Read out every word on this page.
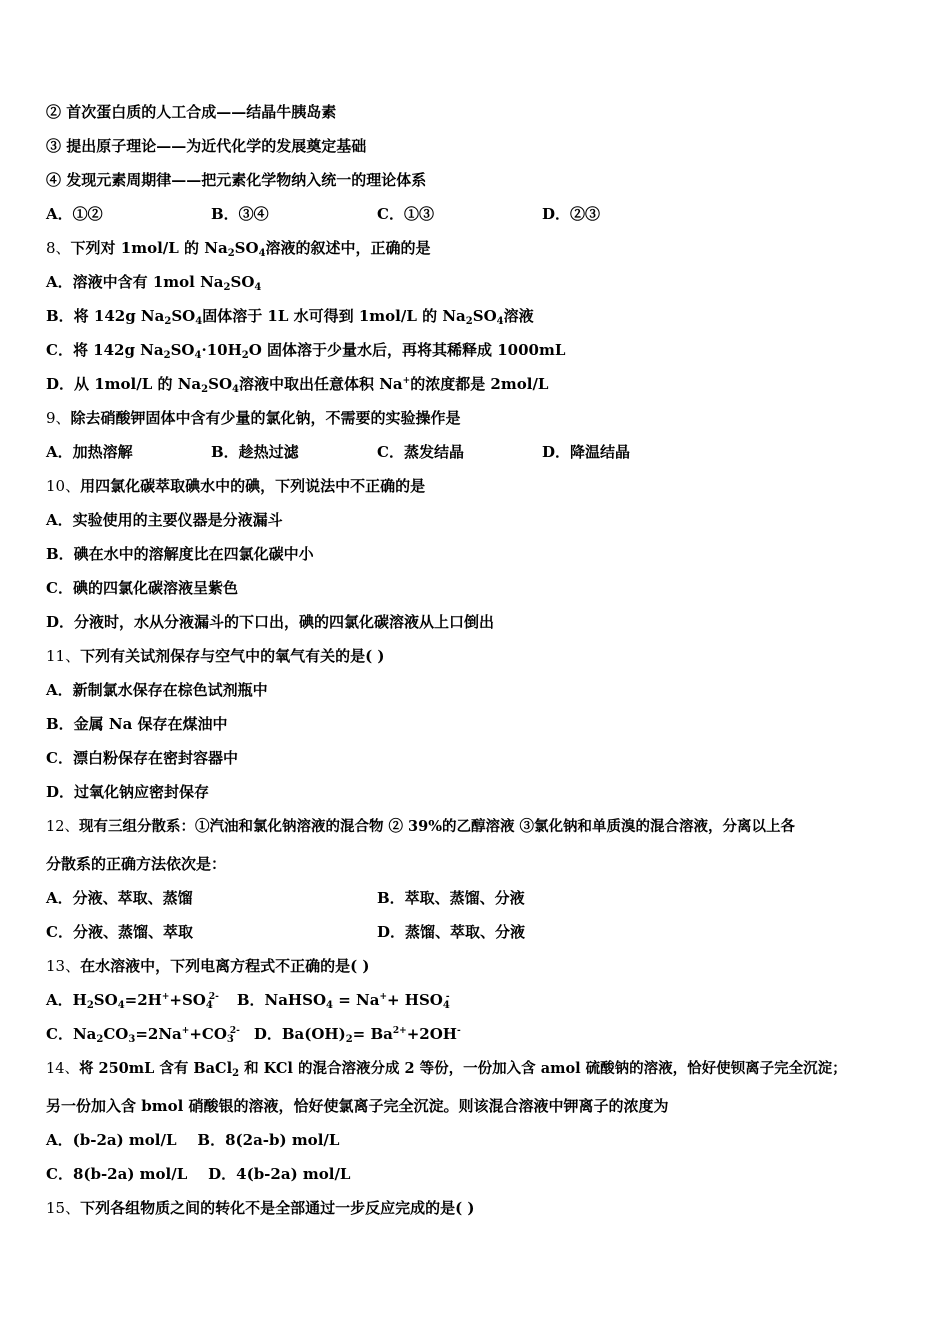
② 首次蛋白质的人工合成——结晶牛胰岛素
③ 提出原子理论——为近代化学的发展奠定基础
④ 发现元素周期律——把元素化学物纳入统一的理论体系
A．①②	B．③④	C．①③	D．②③
8、下列对 1mol/L 的 $Na_2SO_4$溶液的叙述中，正确的是
A．溶液中含有 1mol $Na_2SO_4$
B．将 142g $Na_2SO_4$固体溶于 1L 水可得到 1mol/L 的 $Na_2SO_4$溶液
C．将 142g $Na_2SO_4\cdot 10H_2O$ 固体溶于少量水后，再将其稀释成 1000mL
D．从 1mol/L 的 $Na_2SO_4$溶液中取出任意体积 Na+的浓度都是 2mol/L
9、除去硝酸钾固体中含有少量的氯化钠，不需要的实验操作是
A．加热溶解	B．趁热过滤	C．蒸发结晶	D．降温结晶
10、用四氯化碳萃取碘水中的碘，下列说法中不正确的是
A．实验使用的主要仪器是分液漏斗
B．碘在水中的溶解度比在四氯化碳中小
C．碘的四氯化碳溶液呈紫色
D．分液时，水从分液漏斗的下口出，碘的四氯化碳溶液从上口倒出
11、下列有关试剂保存与空气中的氧气有关的是( )
A．新制氯水保存在棕色试剂瓶中
B．金属 Na 保存在煤油中
C．漂白粉保存在密封容器中
D．过氧化钠应密封保存
12、现有三组分散系：①汽油和氯化钠溶液的混合物 ② 39%的乙醇溶液 ③氯化钠和单质溴的混合溶液，分离以上各
分散系的正确方法依次是：
A．分液、萃取、蒸馏	B．萃取、蒸馏、分液
C．分液、蒸馏、萃取	D．蒸馏、萃取、分液
13、在水溶液中，下列电离方程式不正确的是( )
A．$H_2SO_4=2H^++SO_4^{2-}$ B．NaHSO$_4$ = $Na^++ HSO_4^-$
C．$Na_2CO_3=2Na^++CO_3^{2-}$ D．$Ba(OH)_2= Ba^{2+}+2OH^-$
14、将 250mL 含有 BaCl$_2$ 和 KCl 的混合溶液分成 2 等份，一份加入含 amol 硫酸钠的溶液，恰好使钡离子完全沉淀；
另一份加入含 bmol 硝酸银的溶液，恰好使氯离子完全沉淀。则该混合溶液中钾离子的浓度为
A．(b-2a) mol/L    B．8(2a-b) mol/L
C．8(b-2a) mol/L    D．4(b-2a) mol/L
15、下列各组物质之间的转化不是全部通过一步反应完成的是( )
